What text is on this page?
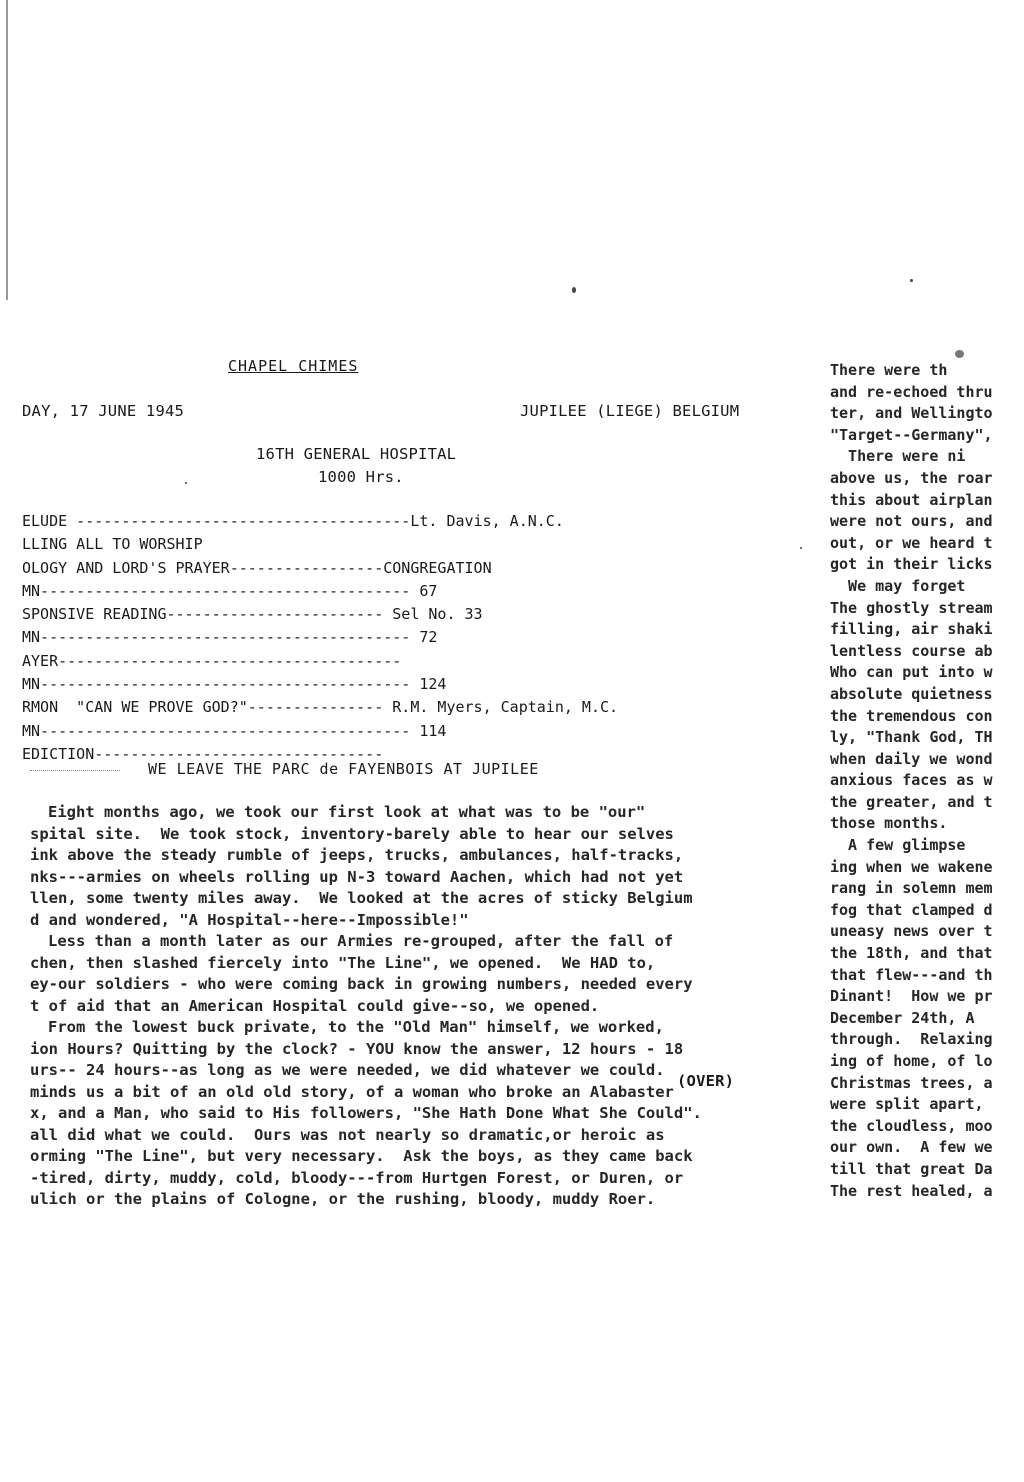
CHAPEL CHIMES
DAY, 17 JUNE 1945	JUPILEE (LIEGE) BELGIUM
16TH GENERAL HOSPITAL
1000 Hrs.
ELUDE -------------------------------------Lt. Davis, A.N.C.
LLING ALL TO WORSHIP
OLOGY AND LORD'S PRAYER-----------------CONGREGATION
MN----------------------------------------- 67
SPONSIVE READING------------------------ Sel No. 33
MN----------------------------------------- 72
AYER--------------------------------------
MN----------------------------------------- 124
RMON  "CAN WE PROVE GOD?"--------------- R.M. Myers, Captain, M.C.
MN----------------------------------------- 114
EDICTION--------------------------------
WE LEAVE THE PARC de FAYENBOIS AT JUPILEE
Eight months ago, we took our first look at what was to be "our"
spital site.  We took stock, inventory-barely able to hear our selves
ink above the steady rumble of jeeps, trucks, ambulances, half-tracks,
nks---armies on wheels rolling up N-3 toward Aachen, which had not yet
llen, some twenty miles away.  We looked at the acres of sticky Belgium
d and wondered, "A Hospital--here--Impossible!"
Less than a month later as our Armies re-grouped, after the fall of
chen, then slashed fiercely into "The Line", we opened.  We HAD to,
ey-our soldiers - who were coming back in growing numbers, needed every
t of aid that an American Hospital could give--so, we opened.
From the lowest buck private, to the "Old Man" himself, we worked,
ion Hours? Quitting by the clock? - YOU know the answer, 12 hours - 18
urs-- 24 hours--as long as we were needed, we did whatever we could.
minds us a bit of an old old story, of a woman who broke an Alabaster
x, and a Man, who said to His followers, "She Hath Done What She Could".
all did what we could.  Ours was not nearly so dramatic,or heroic as
orming "The Line", but very necessary.  Ask the boys, as they came back
-tired, dirty, muddy, cold, bloody---from Hurtgen Forest, or Duren, or
ulich or the plains of Cologne, or the rushing, bloody, muddy Roer.
(OVER)
There were th
and re-echoed thru
ter, and Wellingto
"Target--Germany",
There were ni
above us, the roar
this about airplan
were not ours, and
out, or we heard t
got in their licks
We may forget
The ghostly stream
filling, air shaki
lentless course ab
Who can put into w
absolute quietness
the tremendous con
ly, "Thank God, TH
when daily we wond
anxious faces as w
the greater, and t
those months.
A few glimpse
ing when we wakene
rang in solemn mem
fog that clamped d
uneasy news over t
the 18th, and that
that flew---and th
Dinant!  How we pr
December 24th, A
through.  Relaxing
ing of home, of lo
Christmas trees, a
were split apart,
the cloudless, moo
our own.  A few we
till that great Da
The rest healed, a
